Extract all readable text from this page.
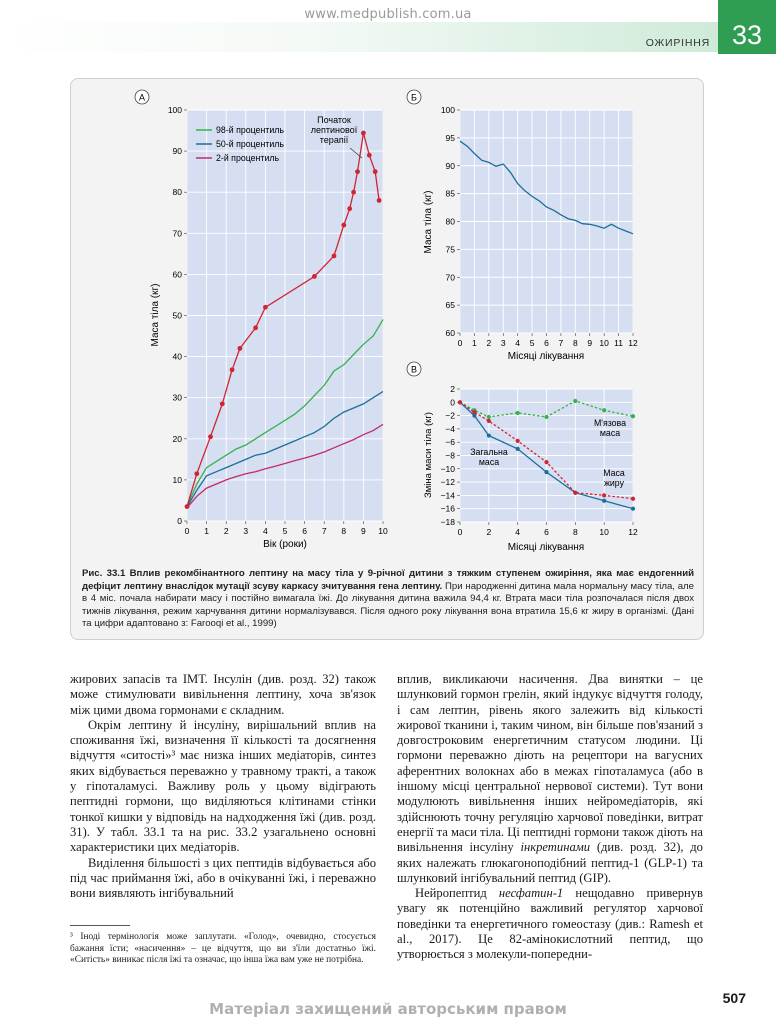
www.medpublish.com.ua
ОЖИРІННЯ 33
А
0
10
20
30
40
50
60
70
80
90
100
0 1 2 3 4 5 6 7 8 9 10
98-й процентиль
50-й процентиль
2-й процентиль
Вік (роки)
Маса тіла (кг)
Початок лептинової терапії
Б
60
65
70
75
80
85
90
95
100
0 1 2 3 4 5 6 7 8 9 10 11 12
Місяці лікування
Маса тіла (кг)
В
2
0
−2
−4
−6
−8
−10
−12
−14
−16
−18
0	2	4	6	8	10 12
М'язова маса
Загальна маса
Маса жиру
Місяці лікування
Зміна маси тіла (кг)
Рис. 33.1 Вплив рекомбінантного лептину на масу тіла у 9-річної дитини з тяжким ступенем ожиріння, яка має ендогенний дефіцит лептину внаслідок мутації зсуву каркасу зчитування гена лептину. При народженні дитина мала нормальну масу тіла, але в 4 міс. почала набирати масу і постійно вимагала їжі. До лікування дитина важила 94,4 кг. Втрата маси тіла розпочалася після двох тижнів лікування, режим харчування дитини нормалізувався. Після одного року лікування вона втратила 15,6 кг жиру в організмі. (Дані та цифри адаптовано з: Farooqi et al., 1999)

жирових запасів та ІМТ. Інсулін (див. розд. 32) також може стимулювати вивільнення лептину, хоча зв'язок між цими двома гормонами є складним.

Окрім лептину й інсуліну, вирішальний вплив на споживання їжі, визначення її кількості та досягнення відчуття «ситості»³ має низка інших медіаторів, синтез яких відбувається переважно у травному тракті, а також у гіпоталамусі. Важливу роль у цьому відіграють пептидні гормони, що виділяються клітинами стінки тонкої кишки у відповідь на надходження їжі (див. розд. 31). У табл. 33.1 та на рис. 33.2 узагальнено основні характеристики цих медіаторів.

Виділення більшості з цих пептидів відбувається або під час приймання їжі, або в очікуванні їжі, і переважно вони виявляють інгібувальний

вплив, викликаючи насичення. Два винятки – це шлунковий гормон грелін, який індукує відчуття голоду, і сам лептин, рівень якого залежить від кількості жирової тканини і, таким чином, він більше пов'язаний з довгостроковим енергетичним статусом людини. Ці гормони переважно діють на рецептори на вагусних аферентних волокнах або в межах гіпоталамуса (або в іншому місці центральної нервової системи). Тут вони модулюють вивільнення інших нейромедіаторів, які здійснюють точну регуляцію харчової поведінки, витрат енергії та маси тіла. Ці пептидні гормони також діють на вивільнення інсуліну інкретинами (див. розд. 32), до яких належать глюкагоноподібний пептид-1 (GLP-1) та шлунковий інгібувальний пептид (GIP).

Нейропептид несфатин-1 нещодавно привернув увагу як потенційно важливий регулятор харчової поведінки та енергетичного гомеостазу (див.: Ramesh et al., 2017). Це 82-амінокислотний пептид, що утворюється з молекули-попередни-

³ Іноді термінологія може заплутати. «Голод», очевидно, стосується бажання їсти; «насичення» – це відчуття, що ви з'їли достатньо їжі. «Ситість» виникає після їжі та означає, що інша їжа вам уже не потрібна.
507
Матеріал захищений авторським правом
